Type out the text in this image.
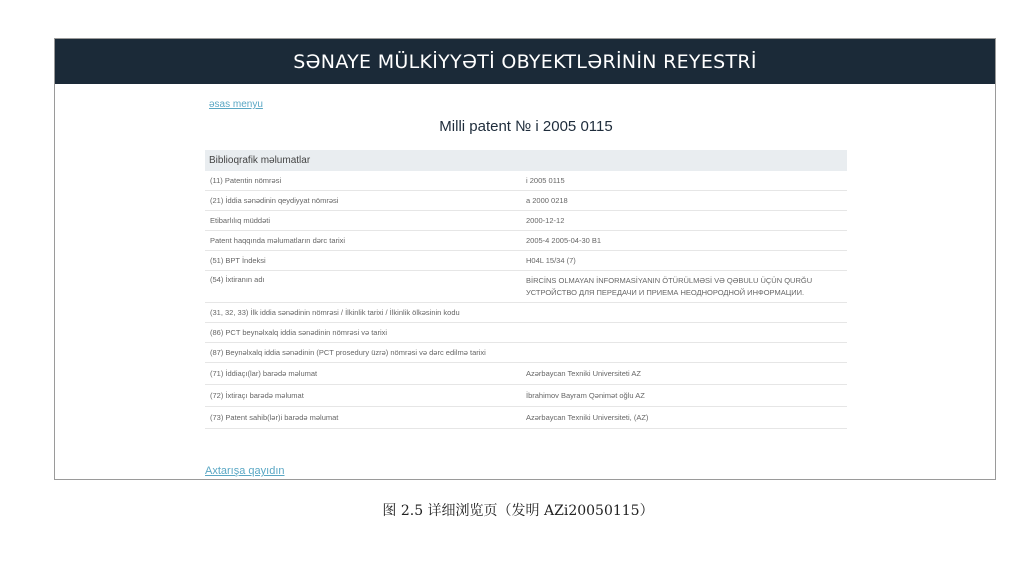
SƏNAYE MÜLKİYYƏTİ OBYEKTLƏRİNİN REYESTRİ
əsas menyu
Milli patent № i 2005 0115
Biblioqrafik məlumatlar
(11) Patentin nömrəsi	i 2005 0115
(21) İddia sənədinin qeydiyyat nömrəsi	a 2000 0218
Etibarlılıq müddəti	2000-12-12
Patent haqqında məlumatların dərc tarixi	2005-4 2005-04-30 B1
(51) BPT İndeksi	H04L 15/34 (7)
(54) İxtiranın adı	BİRCİNS OLMAYAN İNFORMASİYANIN ÖTÜRÜLMƏSİ VƏ QƏBULU ÜÇÜN QURĞU
УСТРОЙСТВО ДЛЯ ПЕРЕДАЧИ И ПРИЕМА НЕОДНОРОДНОЙ ИНФОРМАЦИИ.
(31, 32, 33) İlk iddia sənədinin nömrəsi / İlkinlik tarixi / İlkinlik ölkəsinin kodu
(86) PCT beynəlxalq iddia sənədinin nömrəsi və tarixi
(87) Beynəlxalq iddia sənədinin (PCT prosedurу üzrə) nömrəsi və dərc edilmə tarixi
(71) İddiaçı(lar) barədə məlumat	Azərbaycan Texniki Universiteti AZ
(72) İxtiraçı barədə məlumat	İbrahimov Bayram Qənimət oğlu AZ
(73) Patent sahib(lər)i barədə məlumat	Azərbaycan Texniki Universiteti, (AZ)
Axtarışa qayıdın
图 2.5 详细浏览页（发明 AZi20050115）
